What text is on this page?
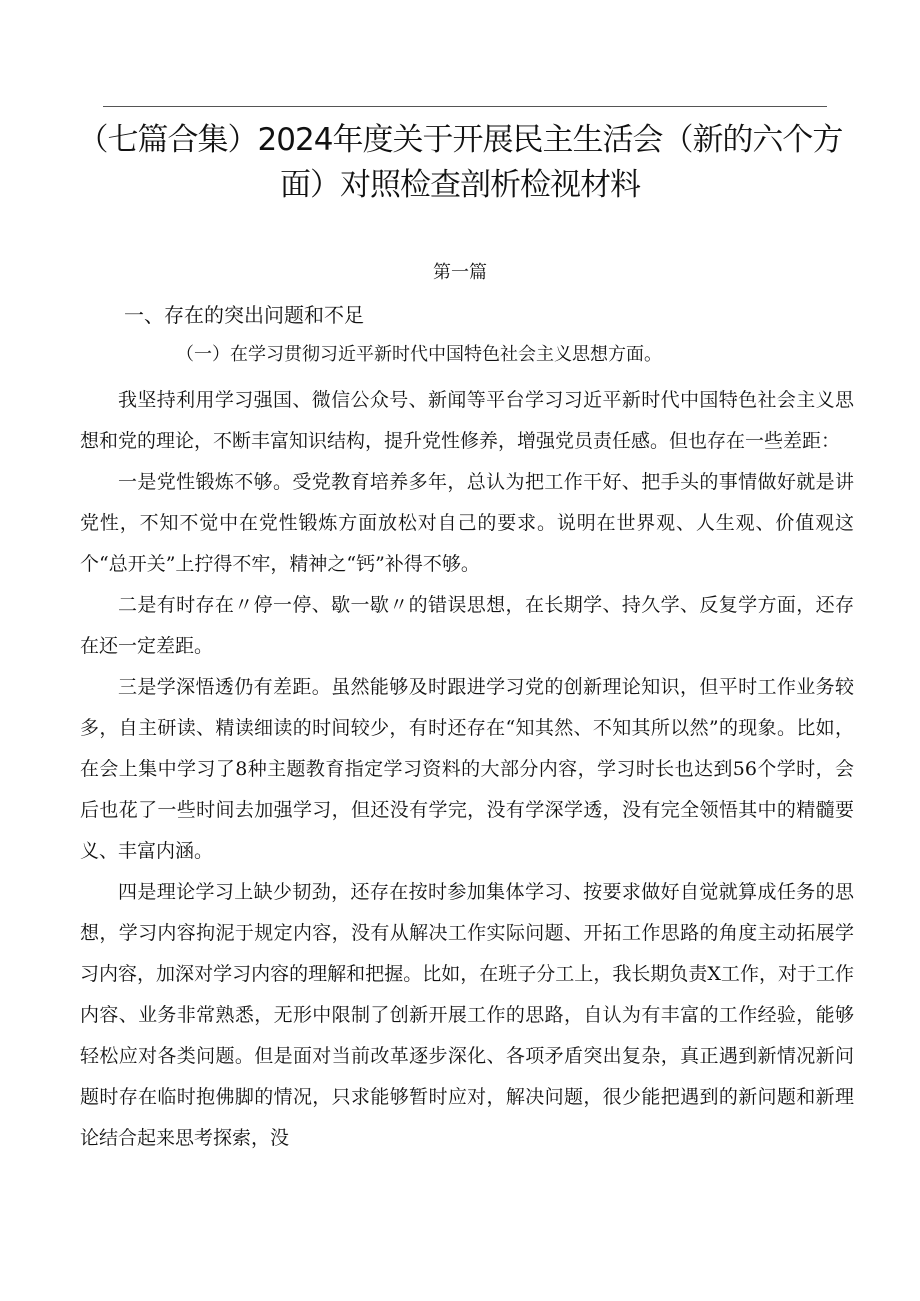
（七篇合集）2024年度关于开展民主生活会（新的六个方面）对照检查剖析检视材料
第一篇
一、存在的突出问题和不足
（一）在学习贯彻习近平新时代中国特色社会主义思想方面。

我坚持利用学习强国、微信公众号、新闻等平台学习习近平新时代中国特色社会主义思想和党的理论，不断丰富知识结构，提升党性修养，增强党员责任感。但也存在一些差距：

一是党性锻炼不够。受党教育培养多年，总认为把工作干好、把手头的事情做好就是讲党性，不知不觉中在党性锻炼方面放松对自己的要求。说明在世界观、人生观、价值观这个“总开关”上拧得不牢，精神之“钙”补得不够。

二是有时存在〃停一停、歇一歇〃的错误思想，在长期学、持久学、反复学方面，还存在还一定差距。

三是学深悟透仍有差距。虽然能够及时跟进学习党的创新理论知识，但平时工作业务较多，自主研读、精读细读的时间较少，有时还存在“知其然、不知其所以然”的现象。比如，在会上集中学习了8种主题教育指定学习资料的大部分内容，学习时长也达到56个学时，会后也花了一些时间去加强学习，但还没有学完，没有学深学透，没有完全领悟其中的精髓要义、丰富内涵。

四是理论学习上缺少韧劲，还存在按时参加集体学习、按要求做好自觉就算成任务的思想，学习内容拘泥于规定内容，没有从解决工作实际问题、开拓工作思路的角度主动拓展学习内容，加深对学习内容的理解和把握。比如，在班子分工上，我长期负责X工作，对于工作内容、业务非常熟悉，无形中限制了创新开展工作的思路，自认为有丰富的工作经验，能够轻松应对各类问题。但是面对当前改革逐步深化、各项矛盾突出复杂，真正遇到新情况新问题时存在临时抱佛脚的情况，只求能够暂时应对，解决问题，很少能把遇到的新问题和新理论结合起来思考探索，没
